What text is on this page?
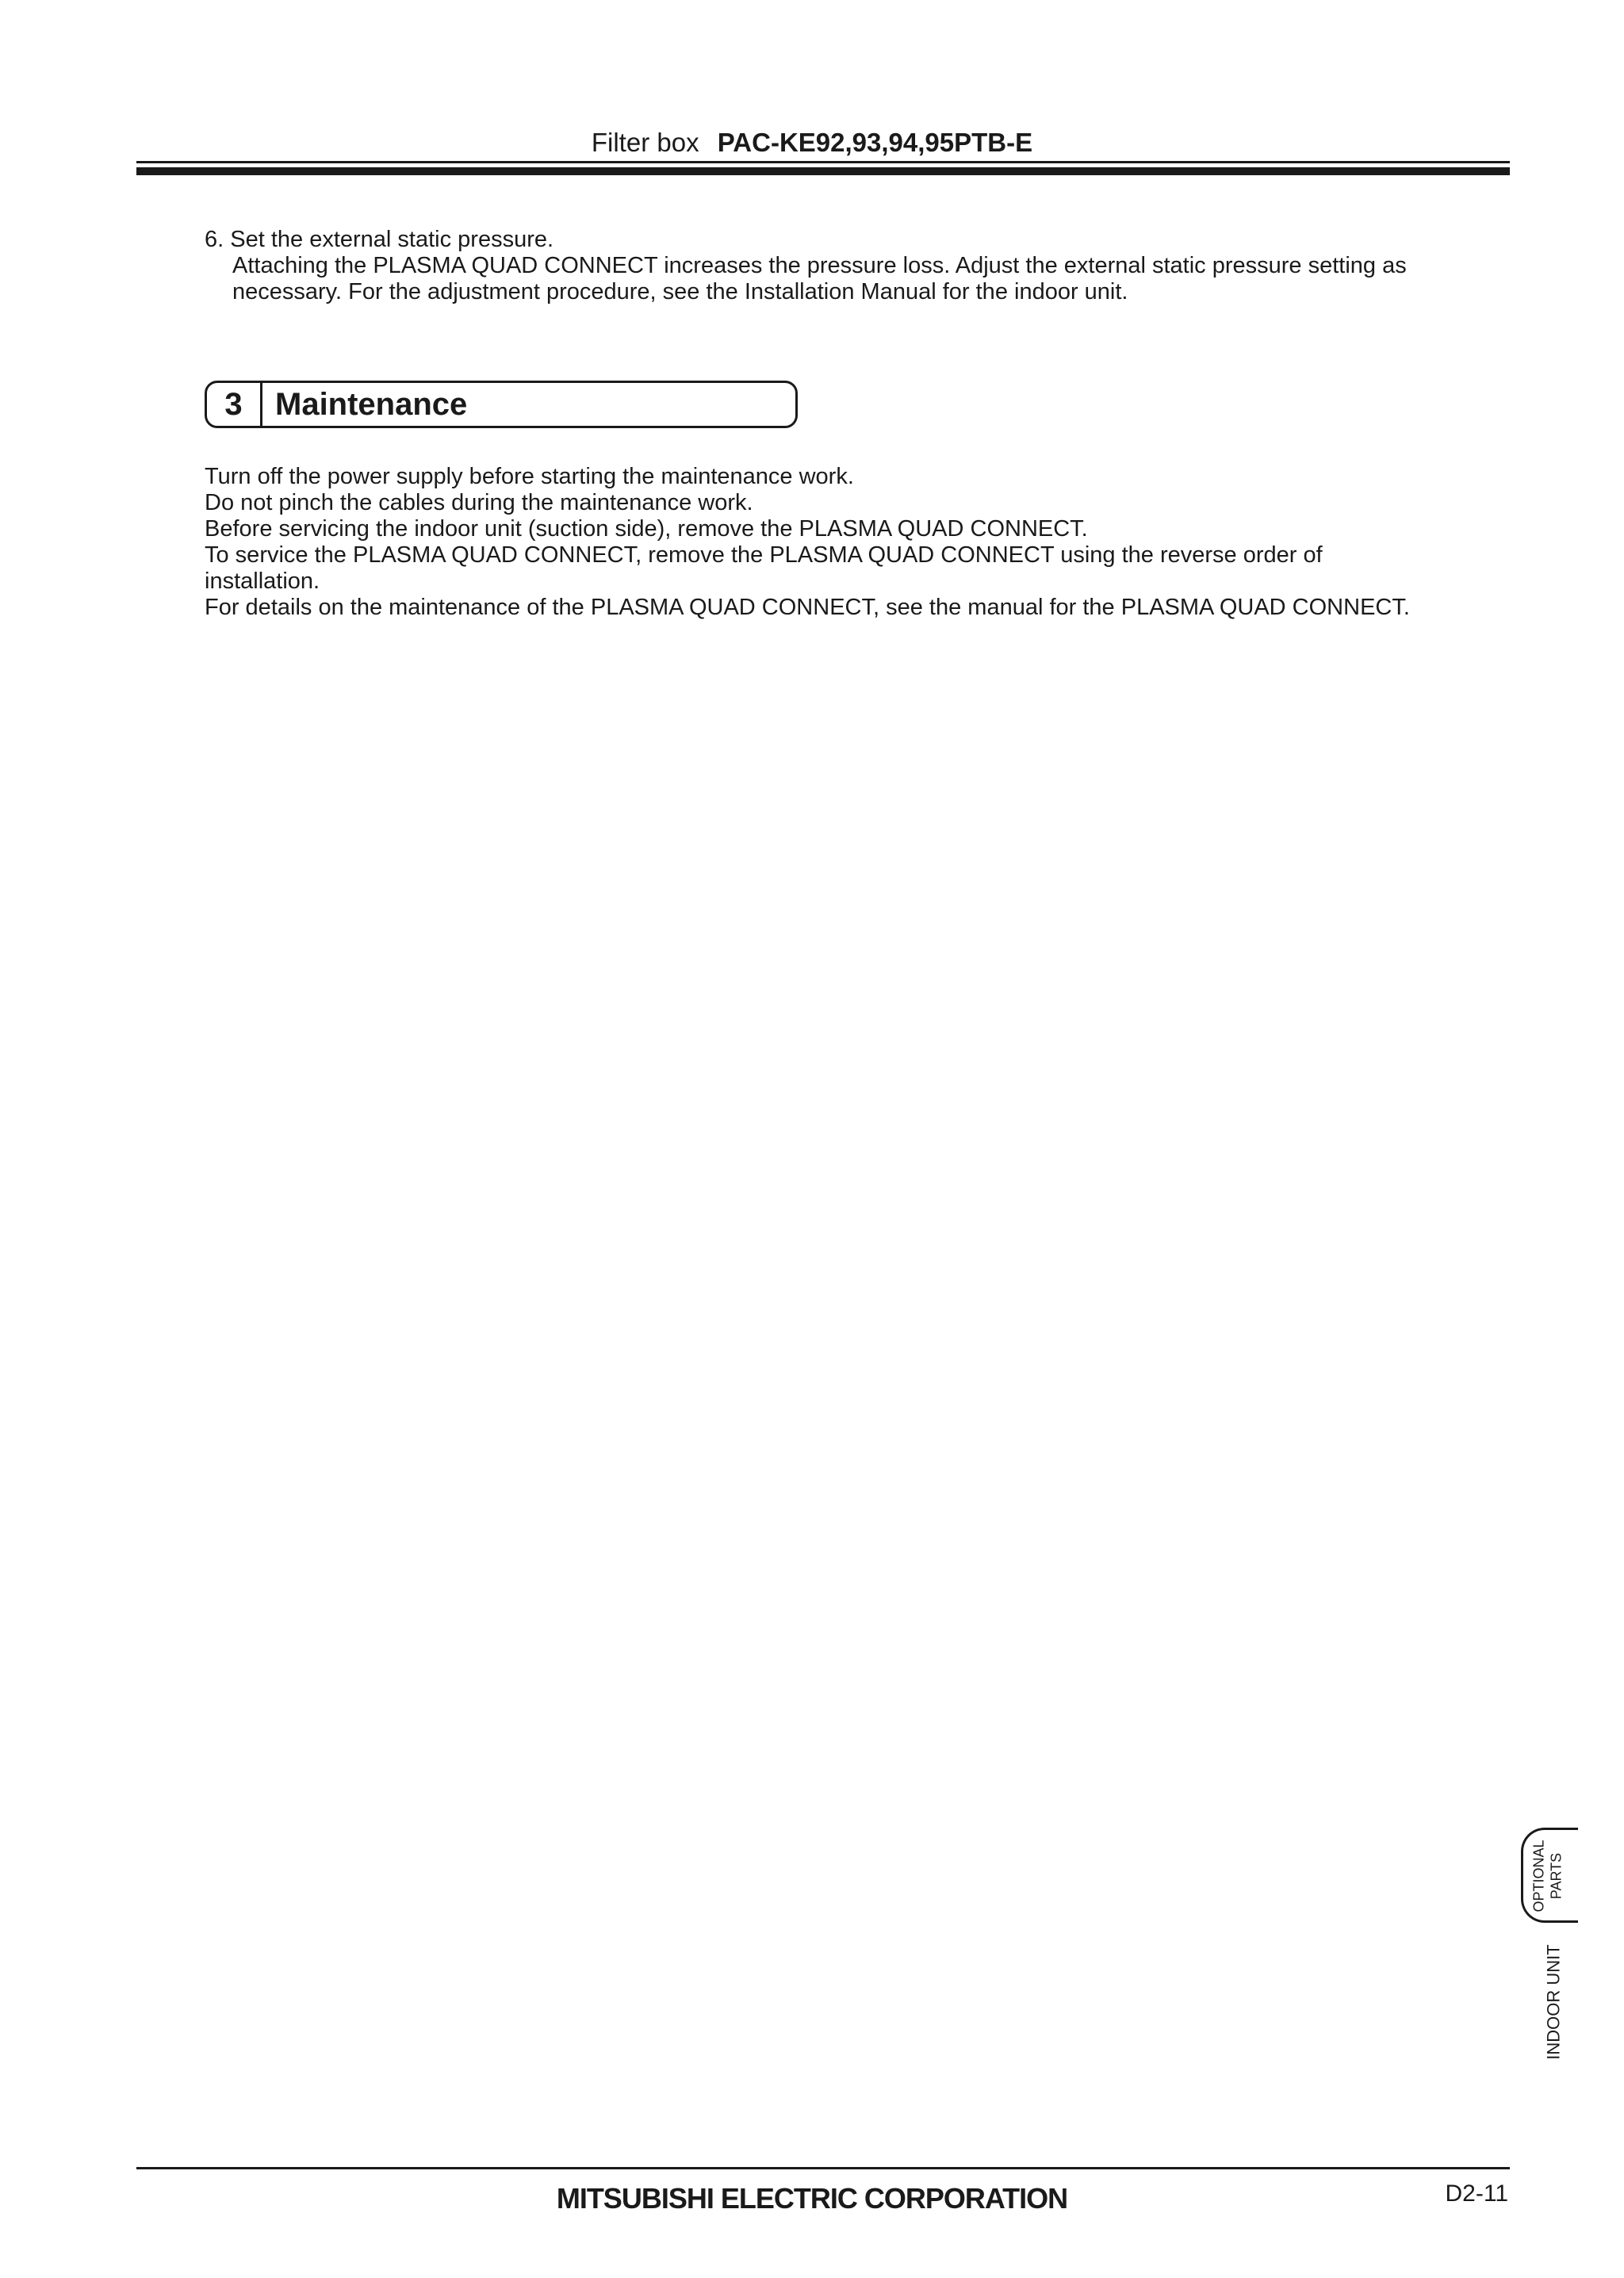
Filter box PAC-KE92,93,94,95PTB-E
6. Set the external static pressure.
Attaching the PLASMA QUAD CONNECT increases the pressure loss. Adjust the external static pressure setting as necessary. For the adjustment procedure, see the Installation Manual for the indoor unit.
3	Maintenance

Turn off the power supply before starting the maintenance work.

Do not pinch the cables during the maintenance work.

Before servicing the indoor unit (suction side), remove the PLASMA QUAD CONNECT.

To service the PLASMA QUAD CONNECT, remove the PLASMA QUAD CONNECT using the reverse order of installation.

For details on the maintenance of the PLASMA QUAD CONNECT, see the manual for the PLASMA QUAD CONNECT.

OPTIONAL PARTS
INDOOR UNIT
MITSUBISHI ELECTRIC CORPORATION	D2-11
